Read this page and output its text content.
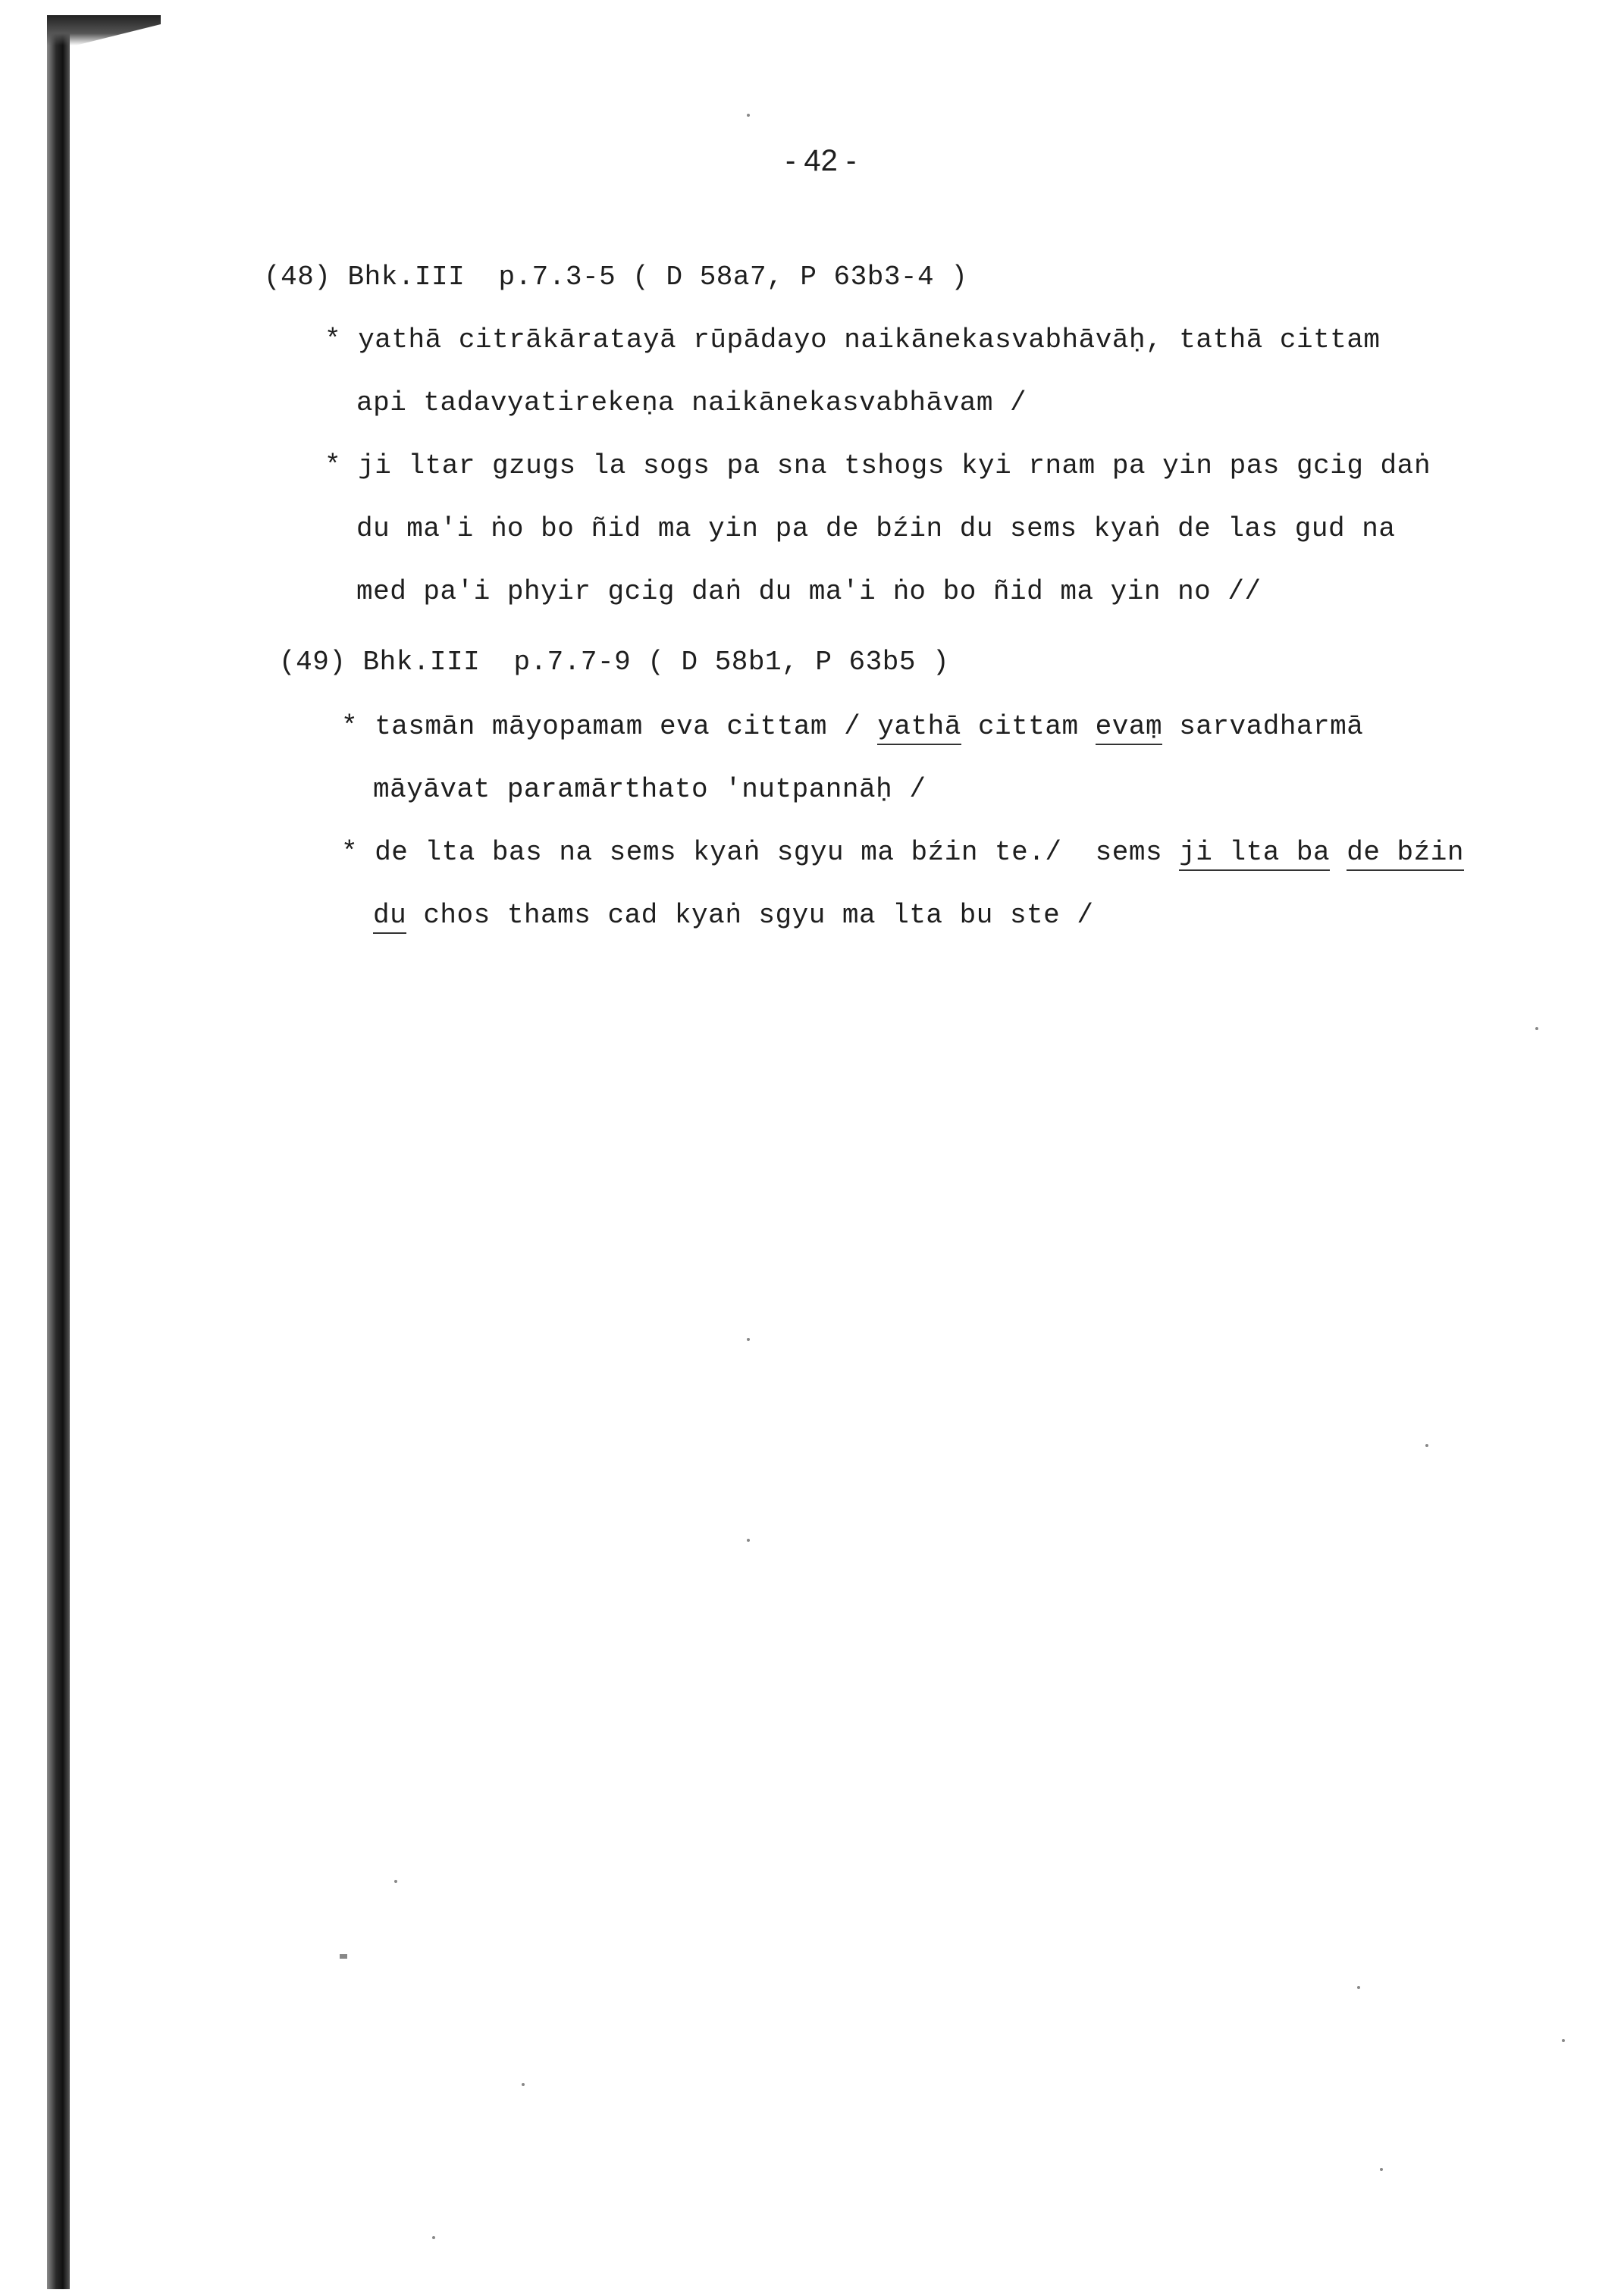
- 42 -
(48) Bhk.III  p.7.3-5 ( D 58a7, P 63b3-4 )
* yathā citrākāratayā rūpādayo naikānekasvabhāvāḥ, tathā cittam
api tadavyatirekeṇa naikānekasvabhāvam /
* ji ltar gzugs la sogs pa sna tshogs kyi rnam pa yin pas gcig daṅ
du ma'i ṅo bo ñid ma yin pa de bźin du sems kyaṅ de las gud na
med pa'i phyir gcig daṅ du ma'i ṅo bo ñid ma yin no //
(49) Bhk.III  p.7.7-9 ( D 58b1, P 63b5 )
* tasmān māyopamam eva cittam / yathā cittam evaṃ sarvadharmā
māyāvat paramārthato 'nutpannāḥ /
* de lta bas na sems kyaṅ sgyu ma bźin te./  sems ji lta ba de bźin
du chos thams cad kyaṅ sgyu ma lta bu ste /
